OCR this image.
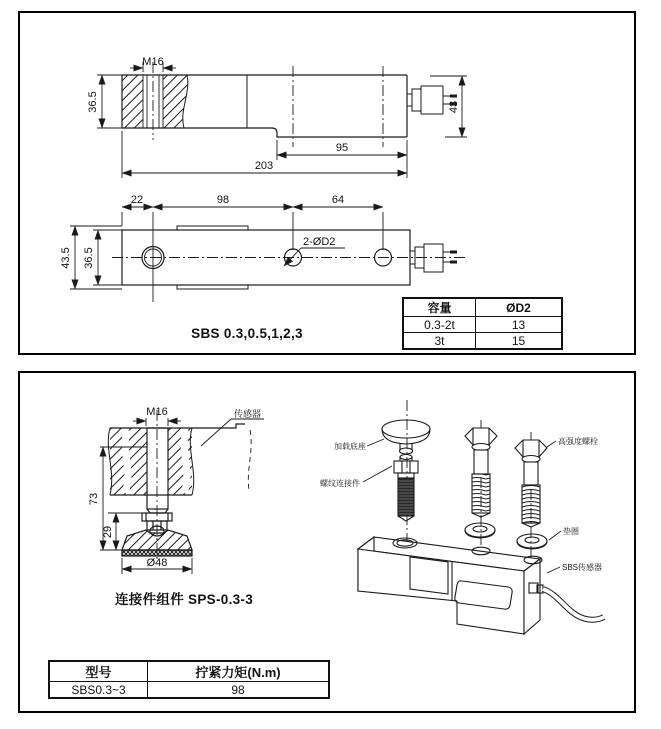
M16
36.5	43
95
203
22	98	64
43.5 36.5
2-ØD2
SBS 0.3,0.5,1,2,3
容量	ØD2
0.3-2t	13
3t	15
M16	传感器
73
29
Ø48
连接件组件 SPS-0.3-3
加载底座
螺纹连接件
高强度螺栓
垫圈
SBS传感器
型号	拧紧力矩(N.m)
SBS0.3~3	98
